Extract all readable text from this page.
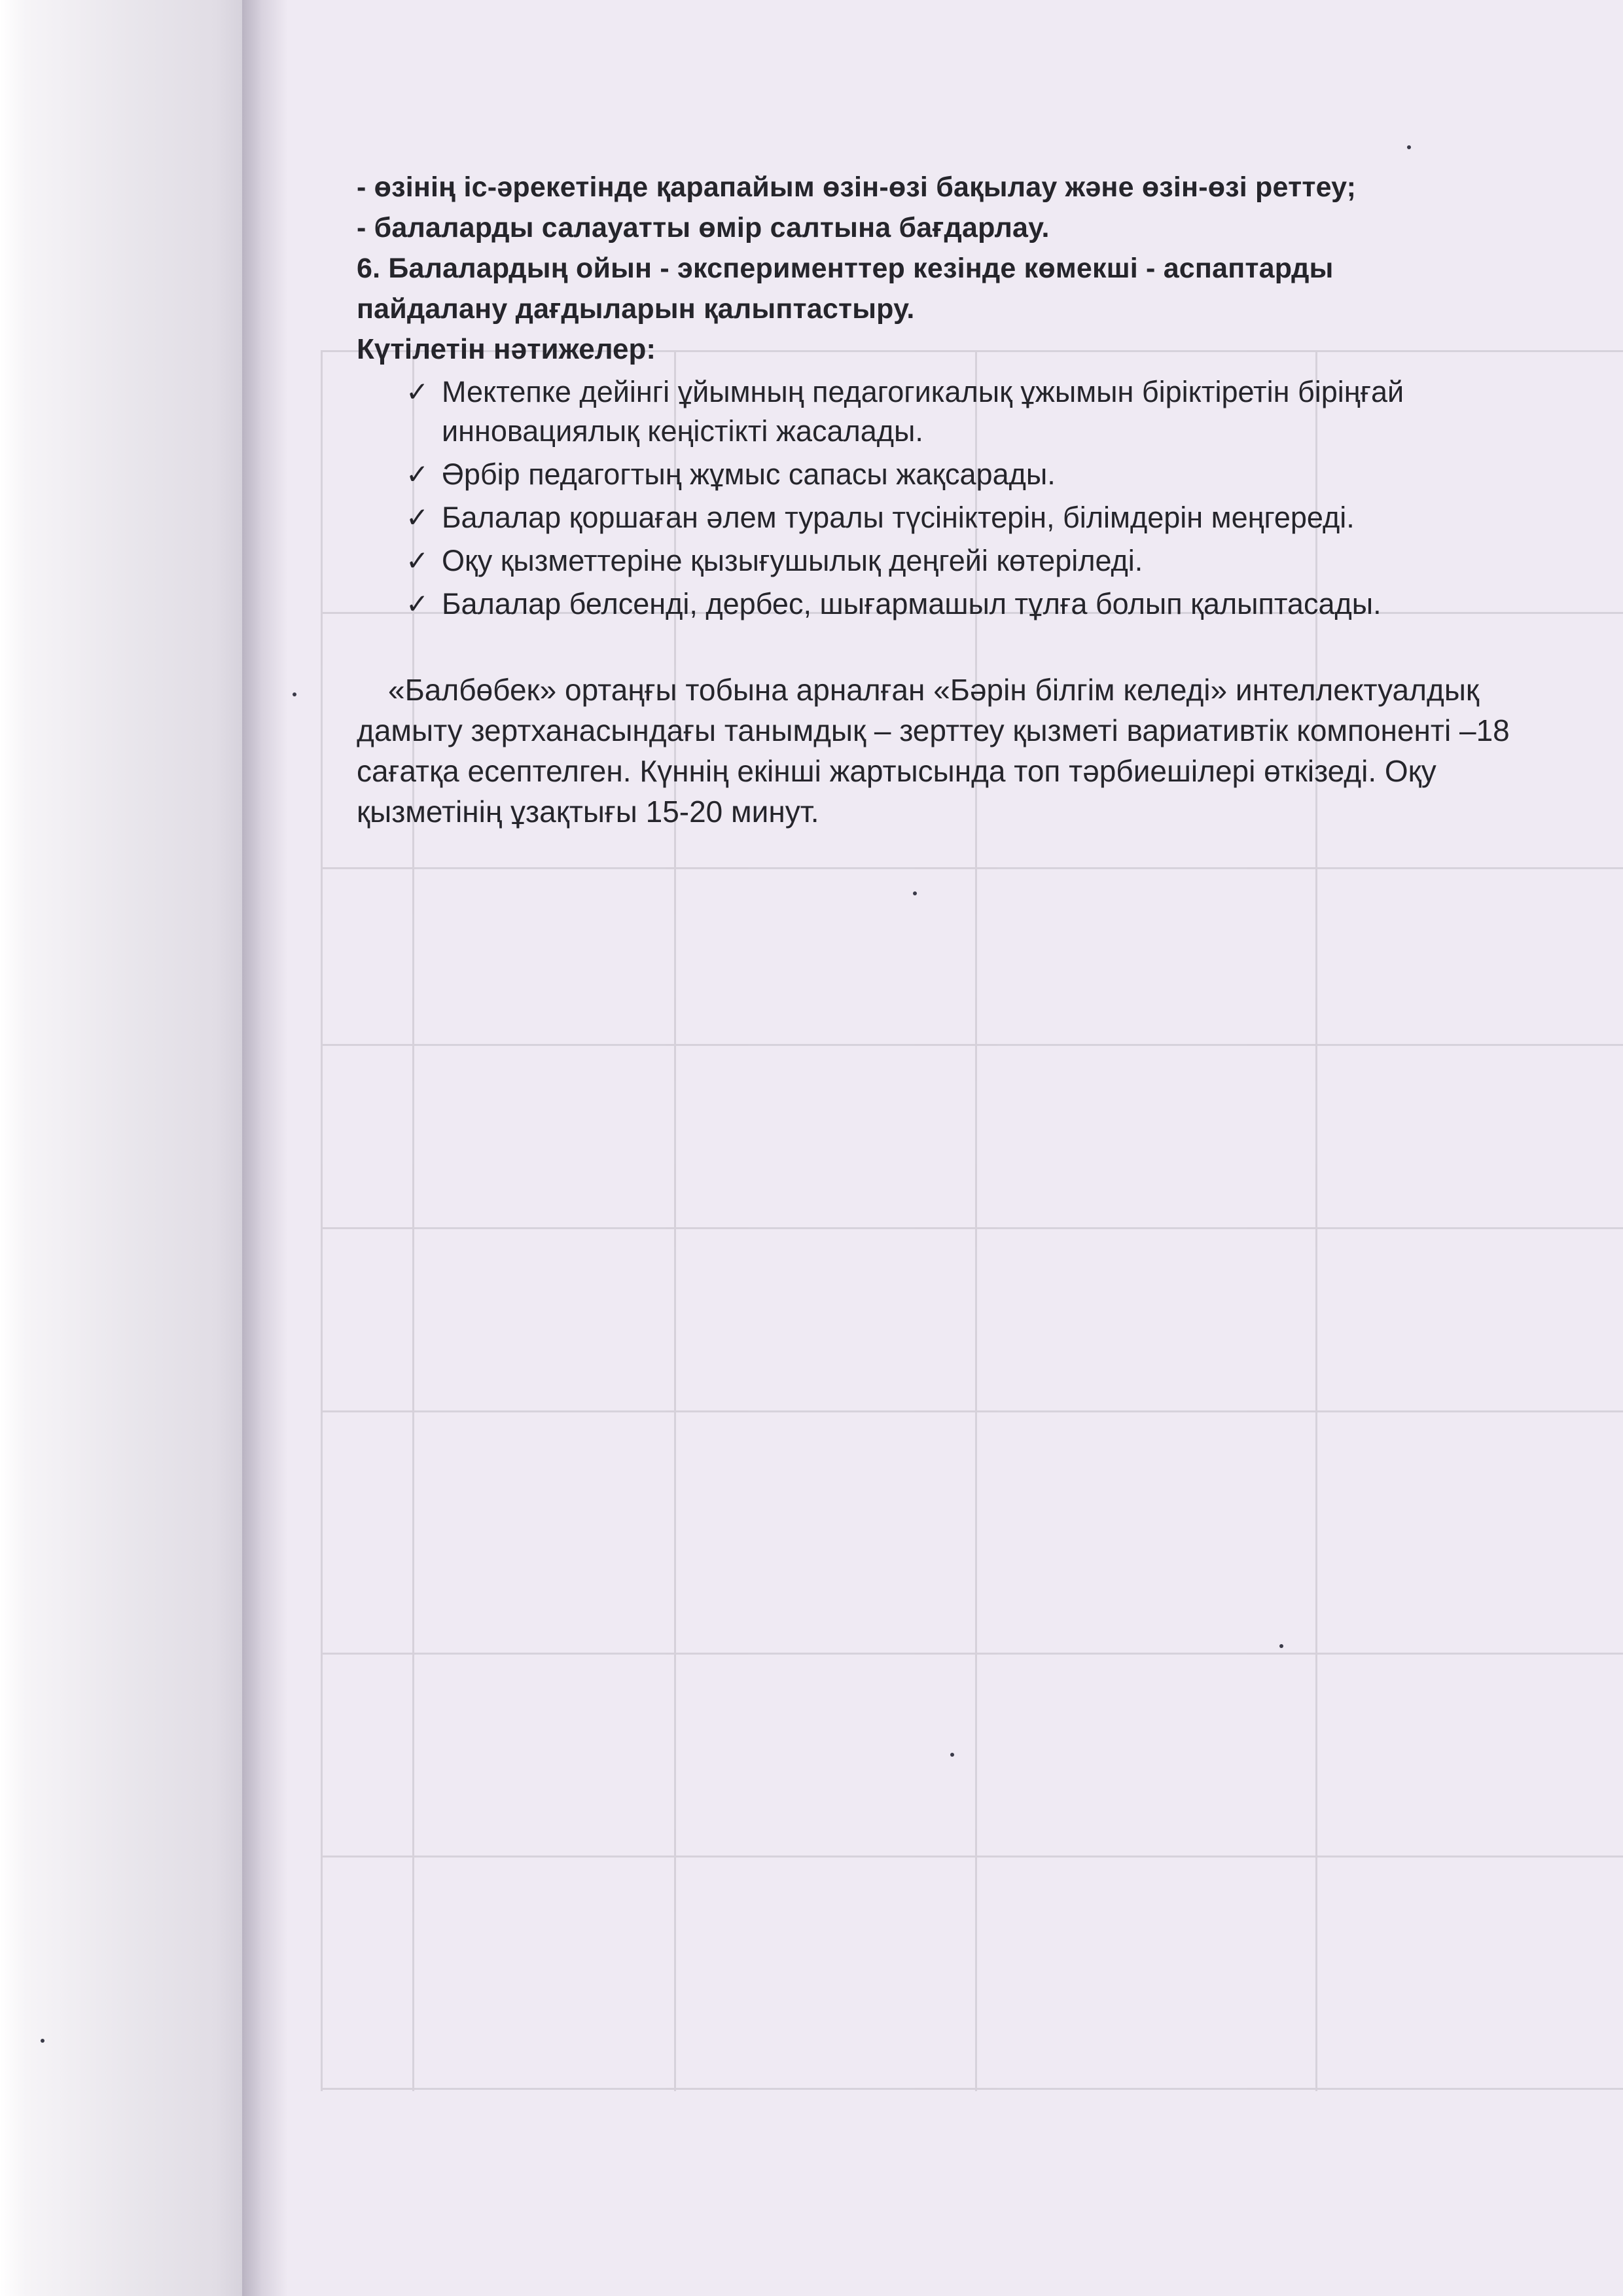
- өзінің іс-әрекетінде қарапайым өзін-өзі бақылау және өзін-өзі реттеу;

- балаларды салауатты өмір салтына бағдарлау.

6. Балалардың ойын - эксперименттер кезінде көмекші - аспаптарды

пайдалану дағдыларын қалыптастыру.

Күтілетін нәтижелер:

✓ Мектепке дейінгі ұйымның педагогикалық ұжымын біріктіретін біріңғай инновациялық кеңістікті жасалады.
✓ Әрбір педагогтың жұмыс сапасы жақсарады.
✓ Балалар қоршаған әлем туралы түсініктерін, білімдерін меңгереді.
✓ Оқу қызметтеріне қызығушылық деңгейі көтеріледі.
✓ Балалар белсенді, дербес, шығармашыл тұлға болып қалыптасады.

«Балбөбек» ортаңғы тобына арналған «Бәрін білгім келеді» интеллектуалдық дамыту зертханасындағы танымдық – зерттеу қызметі вариативтік компоненті –18 сағатқа есептелген. Күннің екінші жартысында топ тәрбиешілері өткізеді. Оқу қызметінің ұзақтығы 15-20 минут.
